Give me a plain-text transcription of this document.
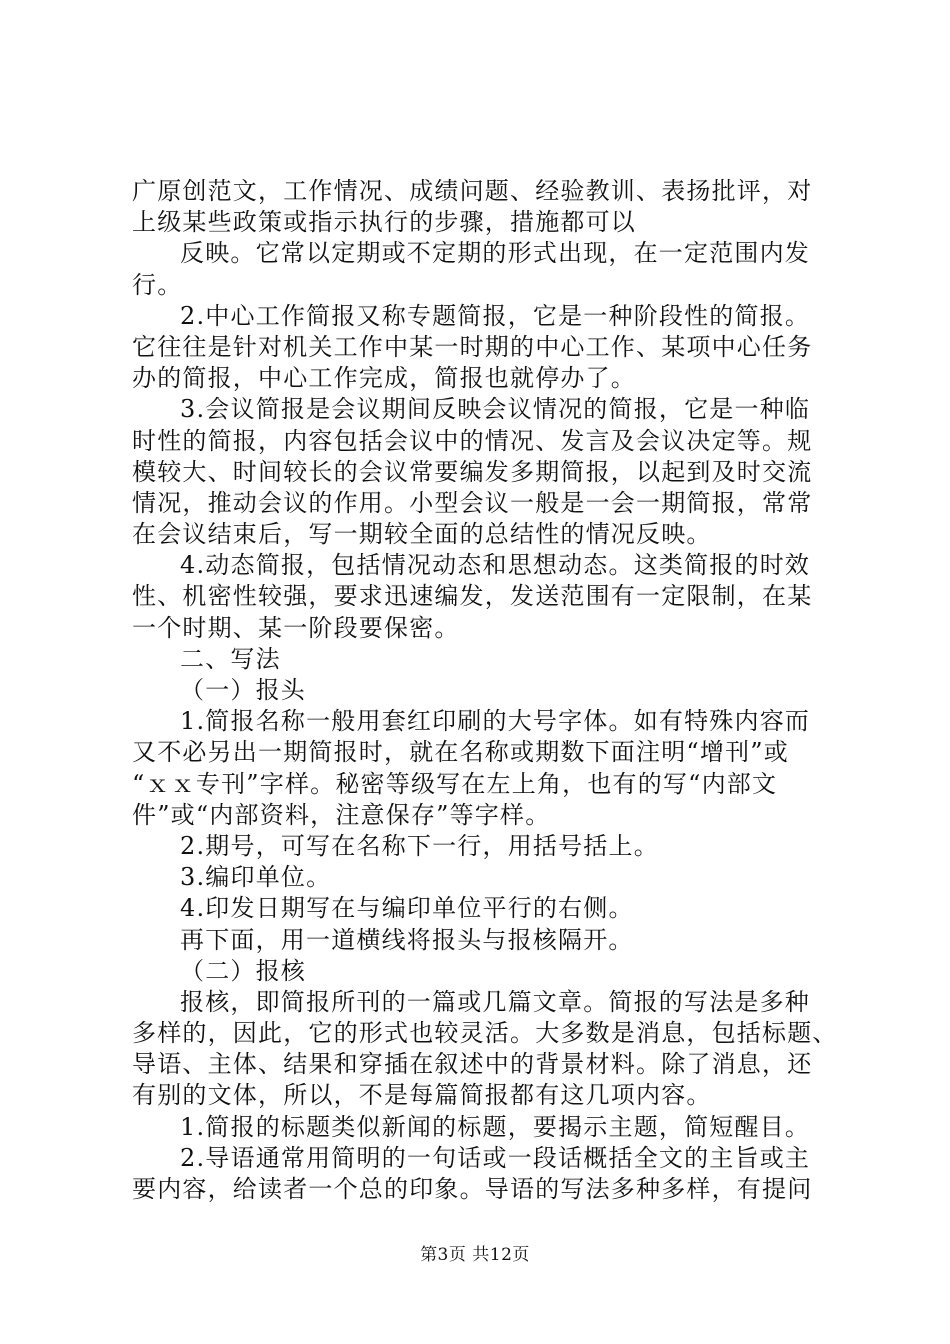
广原创范文，工作情况、成绩问题、经验教训、表扬批评，对
上级某些政策或指示执行的步骤，措施都可以
反映。它常以定期或不定期的形式出现，在一定范围内发
行。
2.中心工作简报又称专题简报，它是一种阶段性的简报。
它往往是针对机关工作中某一时期的中心工作、某项中心任务
办的简报，中心工作完成，简报也就停办了。
3.会议简报是会议期间反映会议情况的简报，它是一种临
时性的简报，内容包括会议中的情况、发言及会议决定等。规
模较大、时间较长的会议常要编发多期简报，以起到及时交流
情况，推动会议的作用。小型会议一般是一会一期简报，常常
在会议结束后，写一期较全面的总结性的情况反映。
4.动态简报，包括情况动态和思想动态。这类简报的时效
性、机密性较强，要求迅速编发，发送范围有一定限制，在某
一个时期、某一阶段要保密。
二、写法
（一）报头
1.简报名称一般用套红印刷的大号字体。如有特殊内容而
又不必另出一期简报时，就在名称或期数下面注明“增刊”或
“ｘｘ专刊”字样。秘密等级写在左上角，也有的写“内部文
件”或“内部资料，注意保存”等字样。
2.期号，可写在名称下一行，用括号括上。
3.编印单位。
4.印发日期写在与编印单位平行的右侧。
再下面，用一道横线将报头与报核隔开。
（二）报核
报核，即简报所刊的一篇或几篇文章。简报的写法是多种
多样的，因此，它的形式也较灵活。大多数是消息，包括标题、
导语、主体、结果和穿插在叙述中的背景材料。除了消息，还
有别的文体，所以，不是每篇简报都有这几项内容。
1.简报的标题类似新闻的标题，要揭示主题，简短醒目。
2.导语通常用简明的一句话或一段话概括全文的主旨或主
要内容，给读者一个总的印象。导语的写法多种多样，有提问
第3页 共12页
